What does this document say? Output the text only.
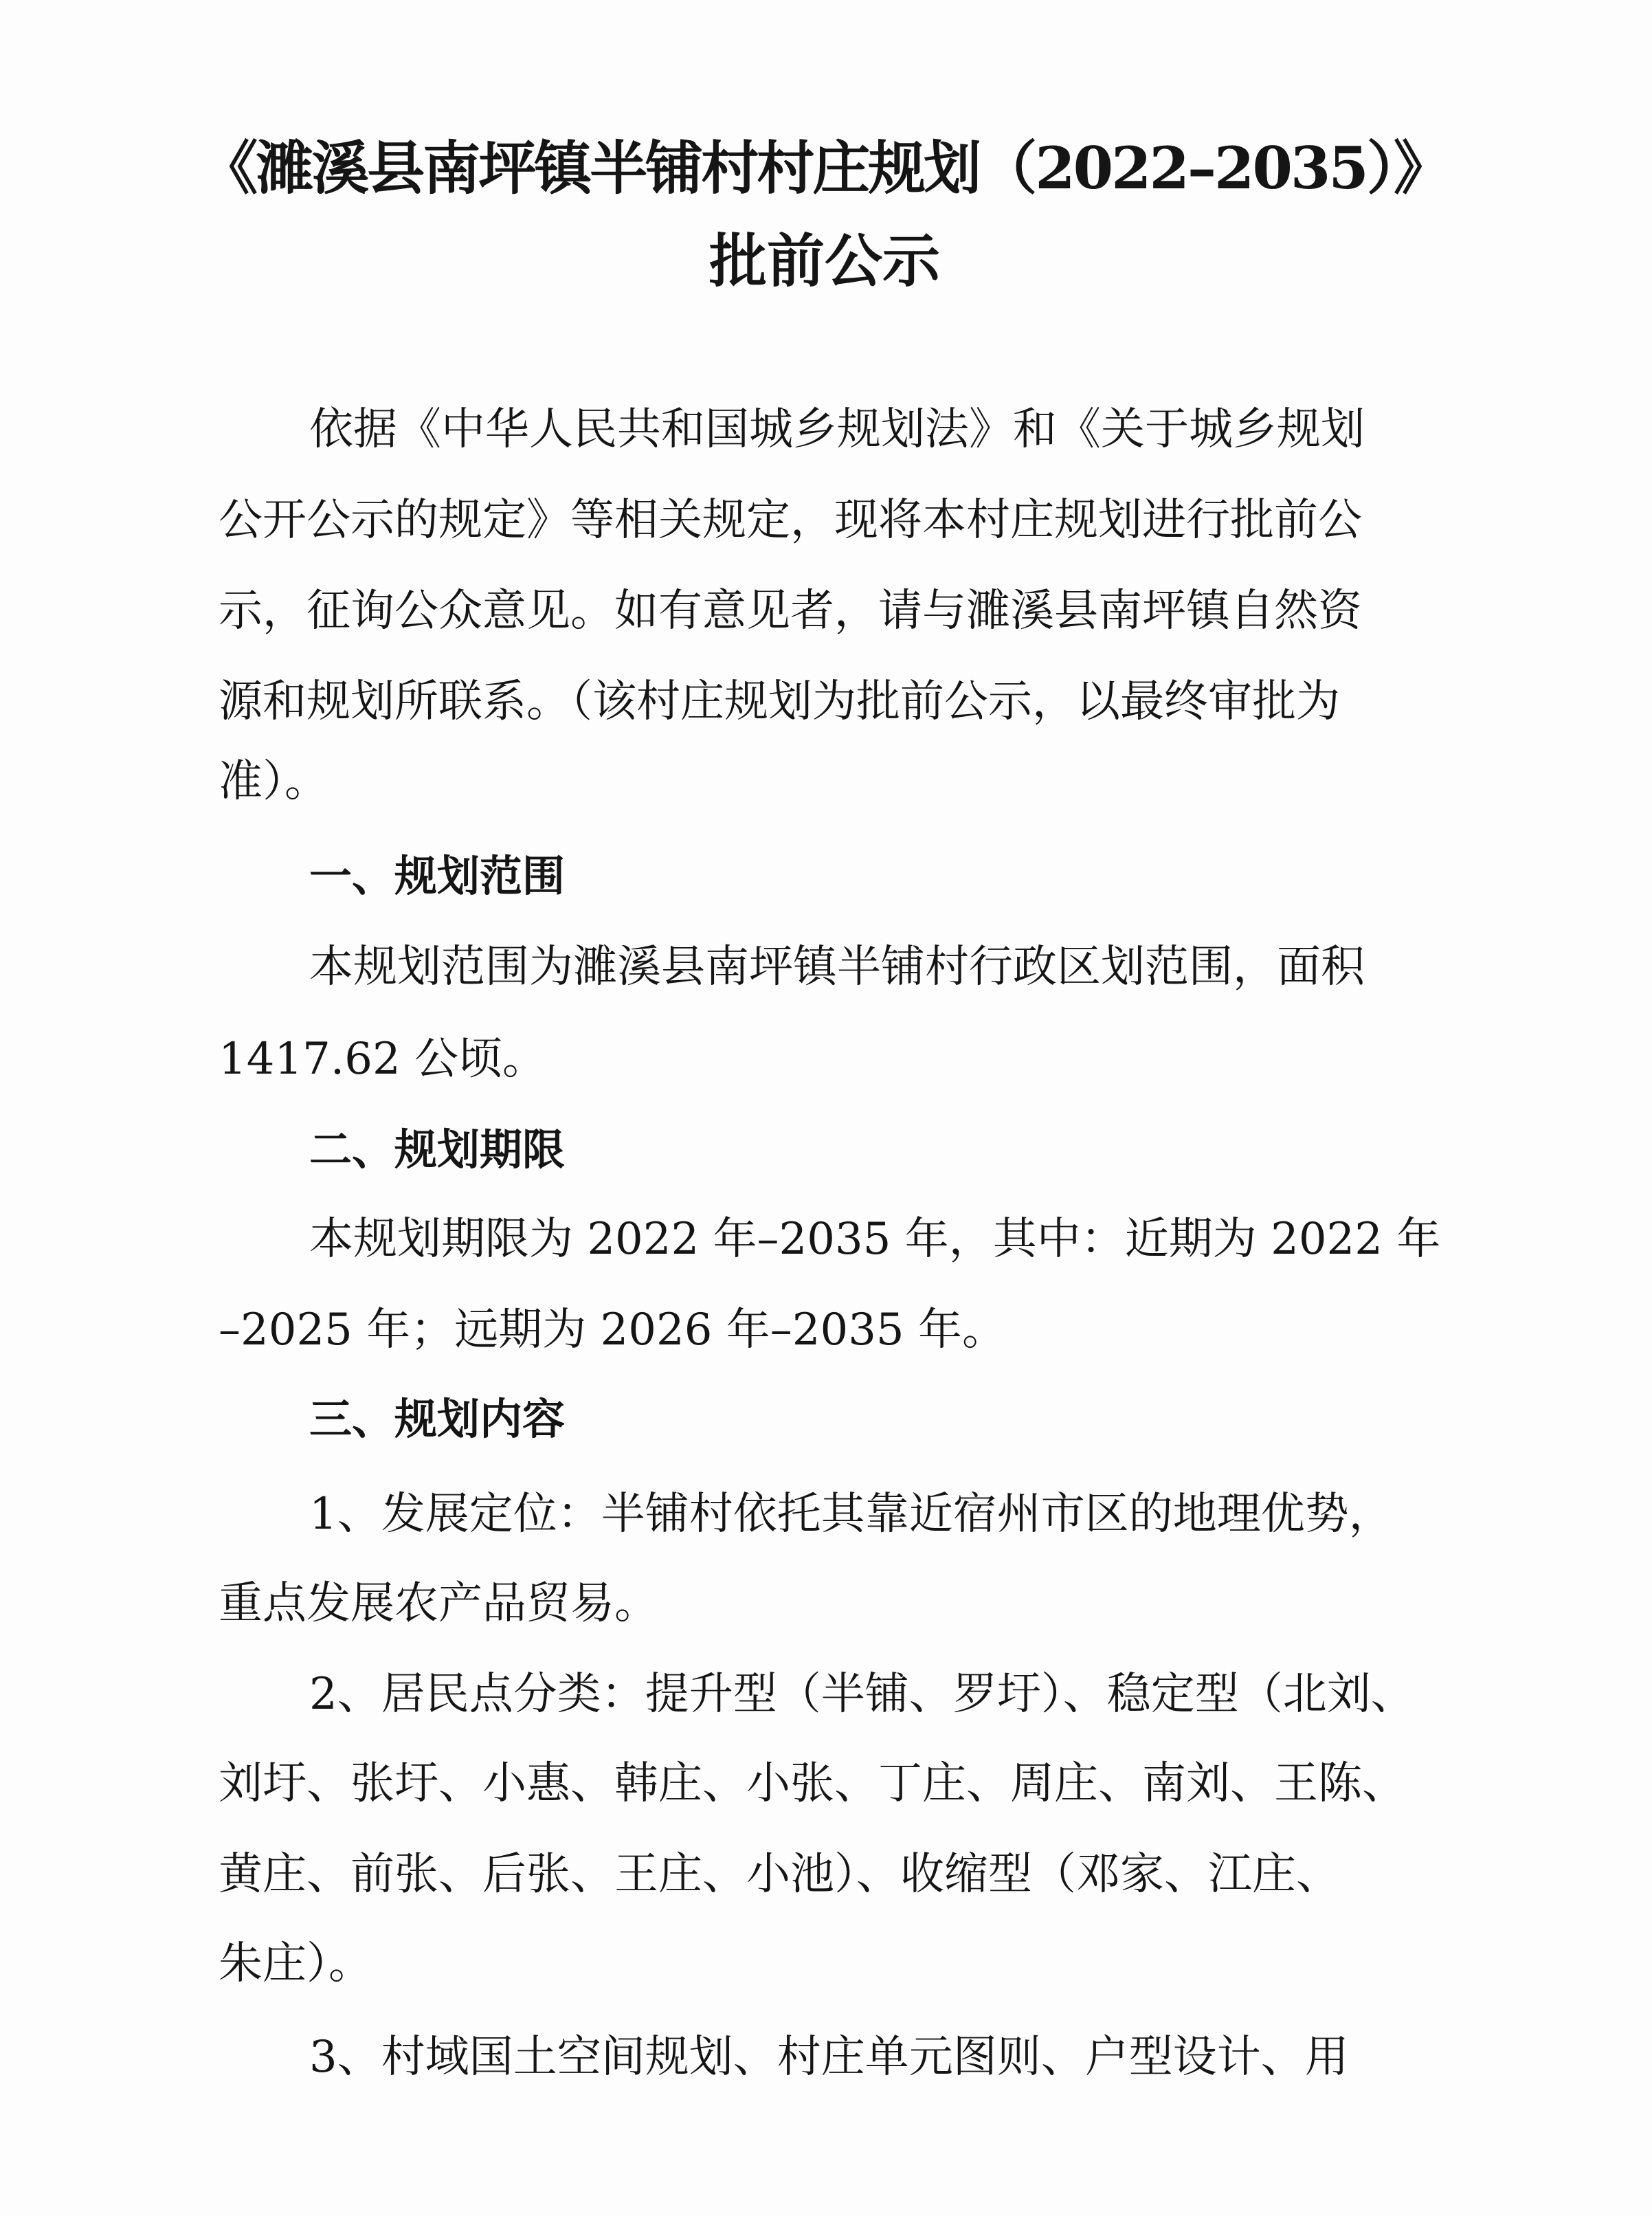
《濉溪县南坪镇半铺村村庄规划（2022–2035）》
批前公示

依据《中华人民共和国城乡规划法》和《关于城乡规划

公开公示的规定》等相关规定，现将本村庄规划进行批前公

示，征询公众意见。如有意见者，请与濉溪县南坪镇自然资

源和规划所联系。（该村庄规划为批前公示，以最终审批为

准）。

一、规划范围

本规划范围为濉溪县南坪镇半铺村行政区划范围，面积

1417.62 公顷。

二、规划期限

本规划期限为 2022 年–2035 年，其中：近期为 2022 年

–2025 年；远期为 2026 年–2035 年。

三、规划内容

1、发展定位：半铺村依托其靠近宿州市区的地理优势，

重点发展农产品贸易。

2、居民点分类：提升型（半铺、罗圩）、稳定型（北刘、

刘圩、张圩、小惠、韩庄、小张、丁庄、周庄、南刘、王陈、

黄庄、前张、后张、王庄、小池）、收缩型（邓家、江庄、

朱庄）。

3、村域国土空间规划、村庄单元图则、户型设计、用
